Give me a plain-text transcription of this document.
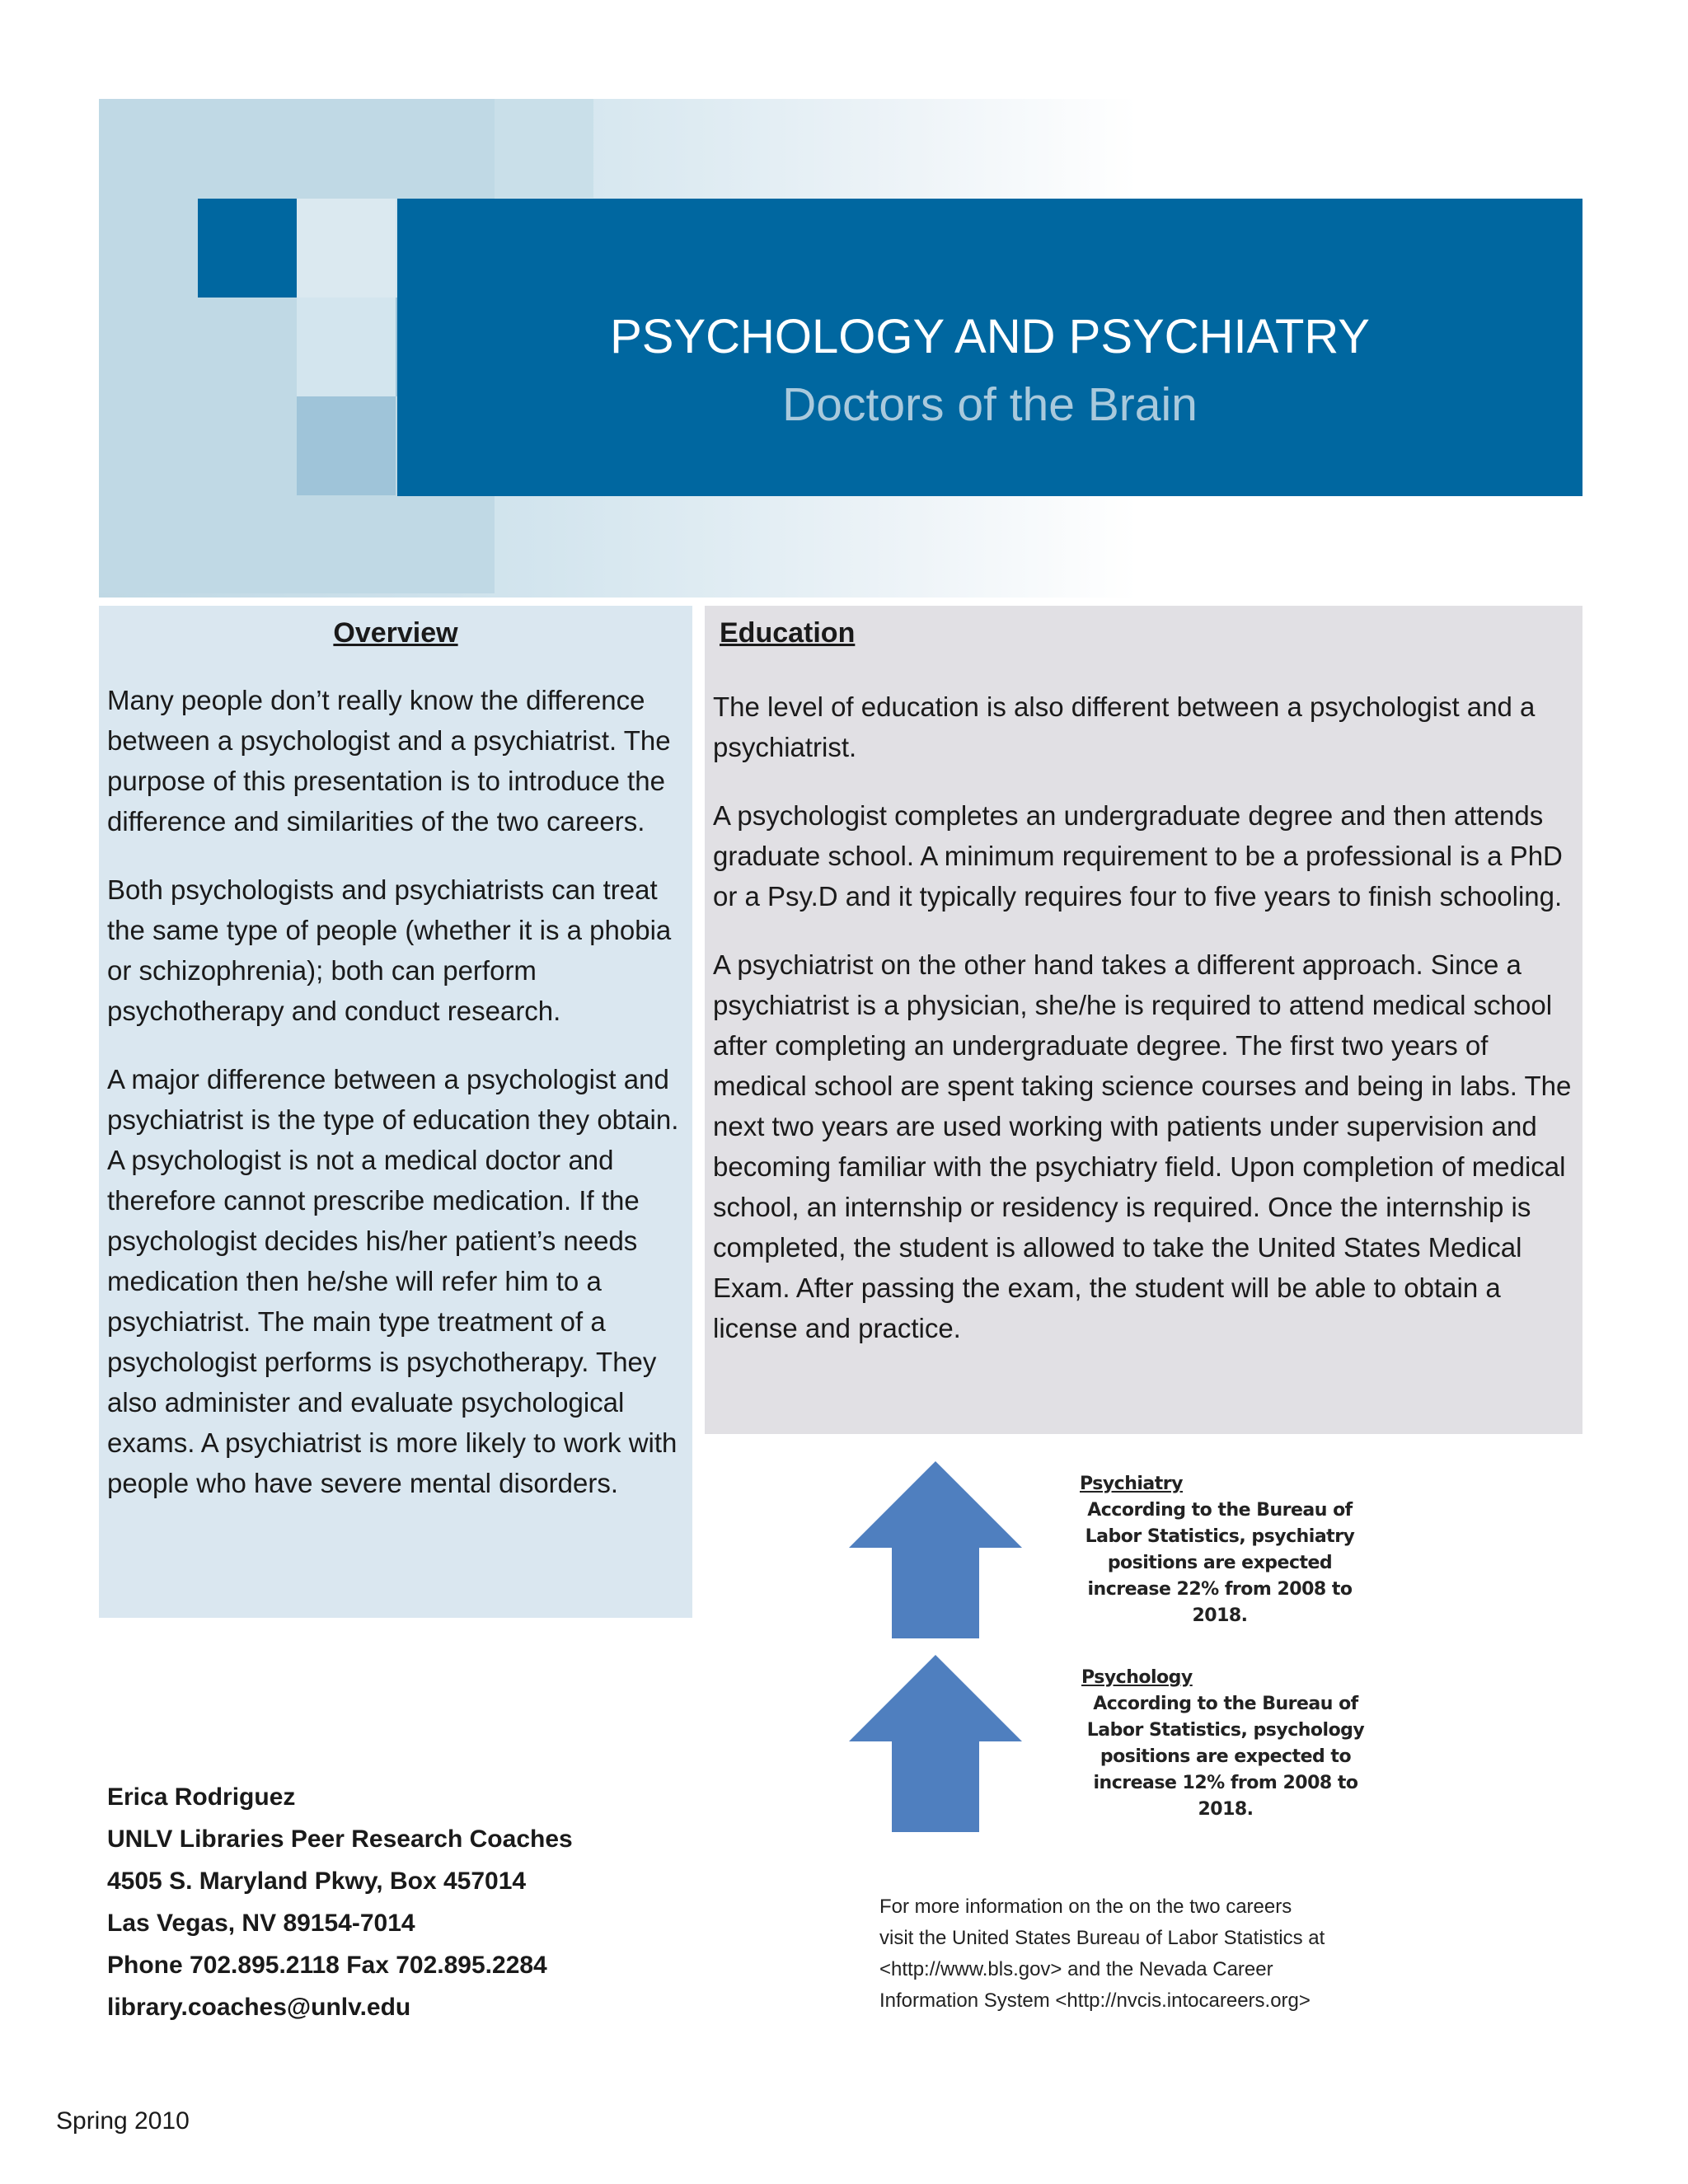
PSYCHOLOGY AND PSYCHIATRY
Doctors of the Brain
Overview

Many people don’t really know the difference between a psychologist and a psychiatrist. The purpose of this presentation is to introduce the difference and similarities of the two careers.

Both psychologists and psychiatrists can treat the same type of people (whether it is a phobia or schizophrenia); both can perform psychotherapy and conduct research.

A major difference between a psychologist and psychiatrist is the type of education they obtain. A psychologist is not a medical doctor and therefore cannot prescribe medication. If the psychologist decides his/her patient’s needs medication then he/she will refer him to a psychiatrist. The main type treatment of a psychologist performs is psychotherapy. They also administer and evaluate psychological exams. A psychiatrist is more likely to work with people who have severe mental disorders.

Education

The level of education is also different between a psychologist and a psychiatrist.

A psychologist completes an undergraduate degree and then attends graduate school. A minimum requirement to be a professional is a PhD or a Psy.D and it typically requires four to five years to finish schooling.

A psychiatrist on the other hand takes a different approach. Since a psychiatrist is a physician, she/he is required to attend medical school after completing an undergraduate degree. The first two years of medical school are spent taking science courses and being in labs. The next two years are used working with patients under supervision and becoming familiar with the psychiatry field. Upon completion of medical school, an internship or residency is required. Once the internship is completed, the student is allowed to take the United States Medical Exam. After passing the exam, the student will be able to obtain a license and practice.

Psychiatry
According to the Bureau of Labor Statistics, psychiatry positions are expected increase 22% from 2008 to 2018.
Psychology
According to the Bureau of Labor Statistics, psychology positions are expected to increase 12% from 2008 to 2018.
Erica Rodriguez
UNLV Libraries Peer Research Coaches
4505 S. Maryland Pkwy, Box 457014
Las Vegas, NV 89154-7014
Phone 702.895.2118 Fax 702.895.2284
library.coaches@unlv.edu
For more information on the on the two careers
visit the United States Bureau of Labor Statistics at
<http://www.bls.gov> and the Nevada Career
Information System <http://nvcis.intocareers.org>
Spring 2010
